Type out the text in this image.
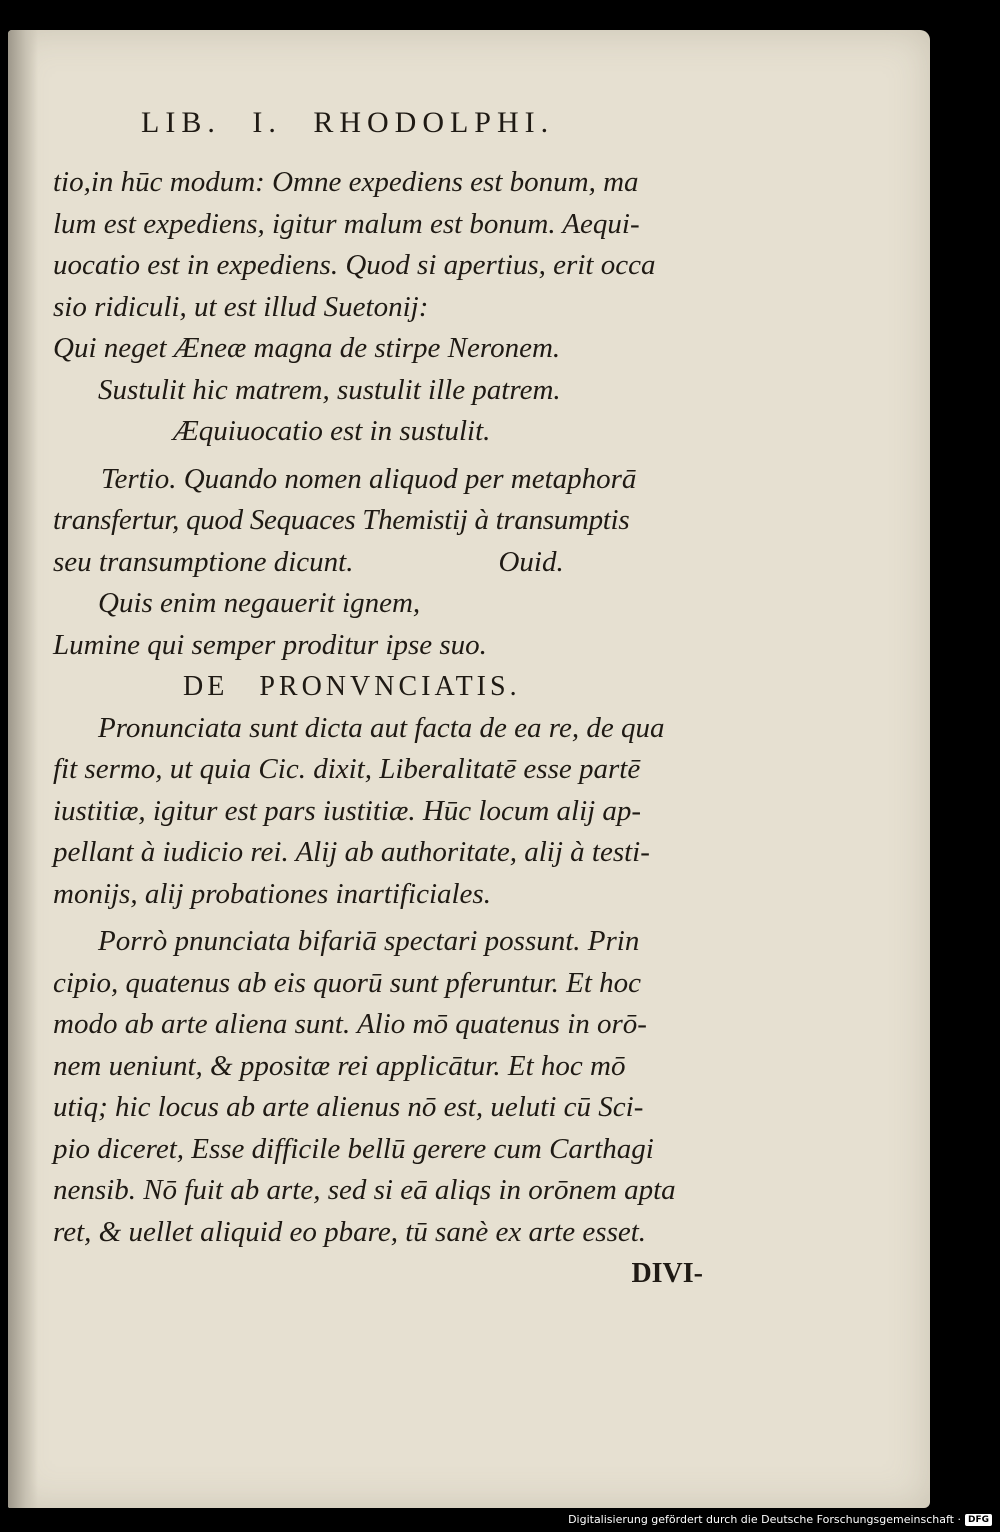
LIB. I. RHODOLPHI.
tio,in hūc modum: Omne expediens est bonum, ma
lum est expediens, igitur malum est bonum. Aequi-
uocatio est in expediens. Quod si apertius, erit occa
sio ridiculi, ut est illud Suetonij:
Qui neget Æneæ magna de stirpe Neronem.
Sustulit hic matrem, sustulit ille patrem.
Æquiuocatio est in sustulit.
Tertio. Quando nomen aliquod per metaphorā
transfertur, quod Sequaces Themistij à transumptis
seu transumptione dicunt.                    Ouid.
Quis enim negauerit ignem,
Lumine qui semper proditur ipse suo.
DE PRONVNCIATIS.
Pronunciata sunt dicta aut facta de ea re, de qua
fit sermo, ut quia Cic. dixit, Liberalitatē esse partē
iustitiæ, igitur est pars iustitiæ. Hūc locum alij ap-
pellant à iudicio rei. Alij ab authoritate, alij à testi-
monijs, alij probationes inartificiales.
Porrò pnunciata bifariā spectari possunt. Prin
cipio, quatenus ab eis quorū sunt pferuntur. Et hoc
modo ab arte aliena sunt. Alio mō quatenus in orō-
nem ueniunt, & ppositæ rei applicātur. Et hoc mō
utiq; hic locus ab arte alienus nō est, ueluti cū Sci-
pio diceret, Esse difficile bellū gerere cum Carthagi
nensib. Nō fuit ab arte, sed si eā aliqs in orōnem apta
ret, & uellet aliquid eo pbare, tū sanè ex arte esset.
DIVI-
Digitalisierung gefördert durch die Deutsche Forschungsgemeinschaft · DFG
